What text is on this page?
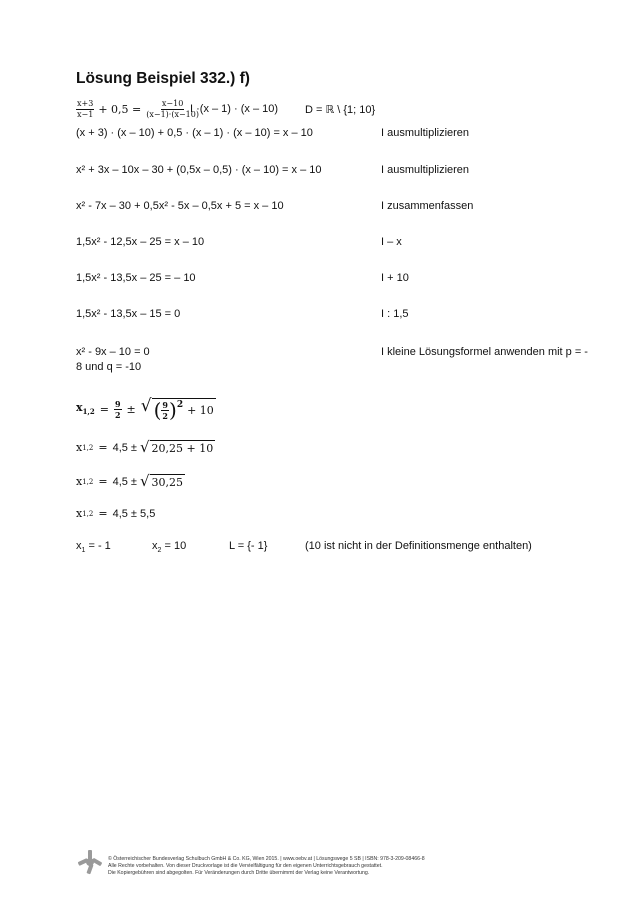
Lösung Beispiel 332.) f)
$\frac{x+3}{x-1} + 0,5 = \frac{x-10}{(x-1)\cdot(x-10)}$
I ·(x – 1) · (x – 10) D = ℝ \ {1; 10}
(x + 3) · (x – 10) + 0,5 · (x – 1) · (x – 10) = x – 10	I ausmultiplizieren
x² + 3x – 10x – 30 + (0,5x – 0,5) · (x – 10) = x – 10	I ausmultiplizieren
x² - 7x – 30 + 0,5x² - 5x – 0,5x + 5 = x – 10	I zusammenfassen
1,5x² - 12,5x – 25 = x – 10	I – x
1,5x² - 13,5x – 25 = – 10	I + 10
1,5x² - 13,5x – 15 = 0	I : 1,5
x² - 9x – 10 = 0	I kleine Lösungsformel anwenden mit p = -
8 und q = -10
$x_{1,2} = \frac{9}{2}$ ± √ ( $\frac{9}{2}$ ) 2 + 10
x 1,2 = 4,5 ± √ 20,25 + 10
x 1,2 = 4,5 ± √ 30,25
x 1,2 = 4,5 ± 5,5
$x_1$ = - 1	$x_2 = 10$	L = {- 1}	(10 ist nicht in der Definitionsmenge enthalten)
© Österreichischer Bundesverlag Schulbuch GmbH & Co. KG, Wien 2015. | www.oebv.at | Lösungswege 5 SB | ISBN: 978-3-209-08466-8
Alle Rechte vorbehalten. Von dieser Druckvorlage ist die Vervielfältigung für den eigenen Unterrichtsgebrauch gestattet.
Die Kopiergebühren sind abgegolten. Für Veränderungen durch Dritte übernimmt der Verlag keine Verantwortung.
